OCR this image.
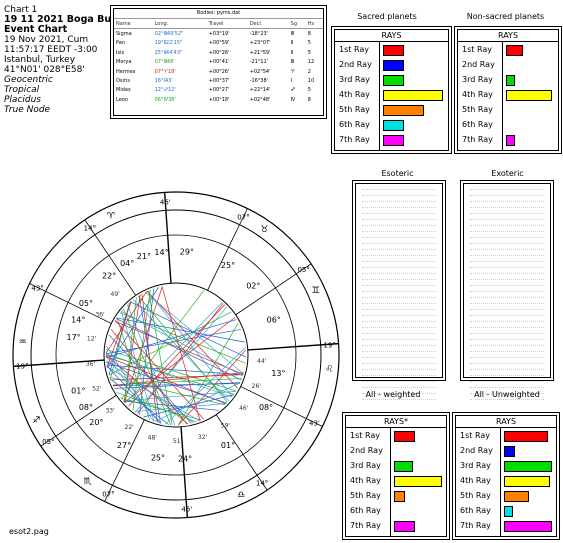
Chart 1
19 11 2021 Boga Bu
Event Chart
19 Nov 2021, Cum
11:57:17 EEDT -3:00
Istanbul, Turkey
41°N01' 028°E58'
Geocentric
Tropical
Placidus
True Node
Bodies: pyms.dat
Name	Long.	Travel	Decl.	Sg	Hs
Sigma	02°Ⅲ49'52"	+03°19'	-18°23'	Ⅲ	8
Pan	19°Ⅱ22'15"	+00°59'	+23°07'	Ⅱ	5
Isis	25°Ⅱ44'43"	+00°26'	+21°59'	Ⅱ	5
Morya	07°Ⅲ48'	+00°41'	-21°11'	Ⅲ	12
Hermes	07°♈18'	+00°26'	+02°54'	♈	2
Osiris	16°Ⅰ43'	+00°37'	-16°38'	Ⅰ	10
Midas	12°♐12'	+00°27'	+22°14'	♐	5
Leon	06°Ⅳ38'	+00°18'	+02°48'	Ⅳ	8
Sacred planets
RAYS
1st Ray
2nd Ray
3rd Ray
4th Ray
5th Ray
6th Ray
7th Ray
Non-sacred planets
RAYS
1st Ray
2nd Ray
3rd Ray
4th Ray
5th Ray
6th Ray
7th Ray
Esoteric	Exoteric
All - weighted
RAYS*
1st Ray
2nd Ray
3rd Ray
4th Ray
5th Ray
6th Ray
7th Ray
All - Unweighted
RAYS
1st Ray
2nd Ray
3rd Ray
4th Ray
5th Ray
6th Ray
7th Ray
19°
♒
43°
14°
♈
46'
07°
♉
05°
♊
19°
♌
43'
14°
♎
46'
07°
♏
05°
♐
22°
04°
21° 14° 29°
25°
02°
06°
13°
08°
01°
24°
25°
27°
20°
17°
14°
05°
01°
08°
49'
36'
12'
36'
52'
33'
22'
48'	51'
32'
59'
46'
26'
44'
esot2.pag
